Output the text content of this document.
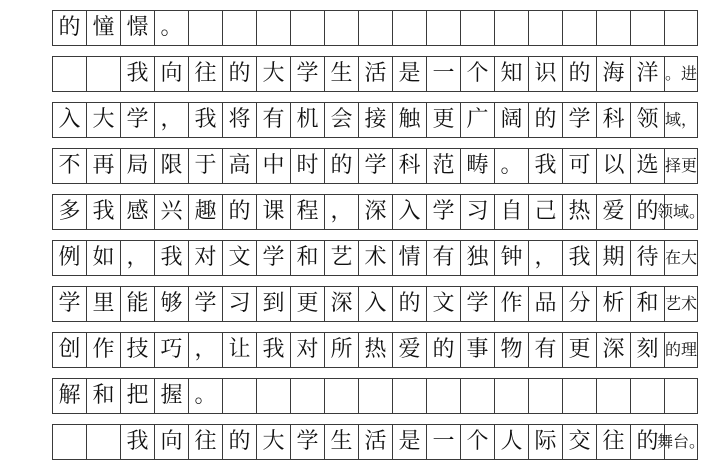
的 憧 憬 。
我 向 往 的 大 学 生 活 是 一 个 知 识 的 海 洋 。进
入 大 学 ， 我 将 有 机 会 接 触 更 广 阔 的 学 科 领 域，
不 再 局 限 于 高 中 时 的 学 科 范 畴 。 我 可 以 选 择更
多 我 感 兴 趣 的 课 程 ， 深 入 学 习 自 己 热 爱 的
领域。
例 如 ， 我 对 文 学 和 艺 术 情 有 独 钟 ， 我 期 待 在大
学 里 能 够 学 习 到 更 深 入 的 文 学 作 品 分 析 和 艺术
创 作 技 巧 ， 让 我 对 所 热 爱 的 事 物 有 更 深 刻 的理
解 和 把 握 。
我 向 往 的 大 学 生 活 是 一 个 人 际 交 往 的
舞台。
